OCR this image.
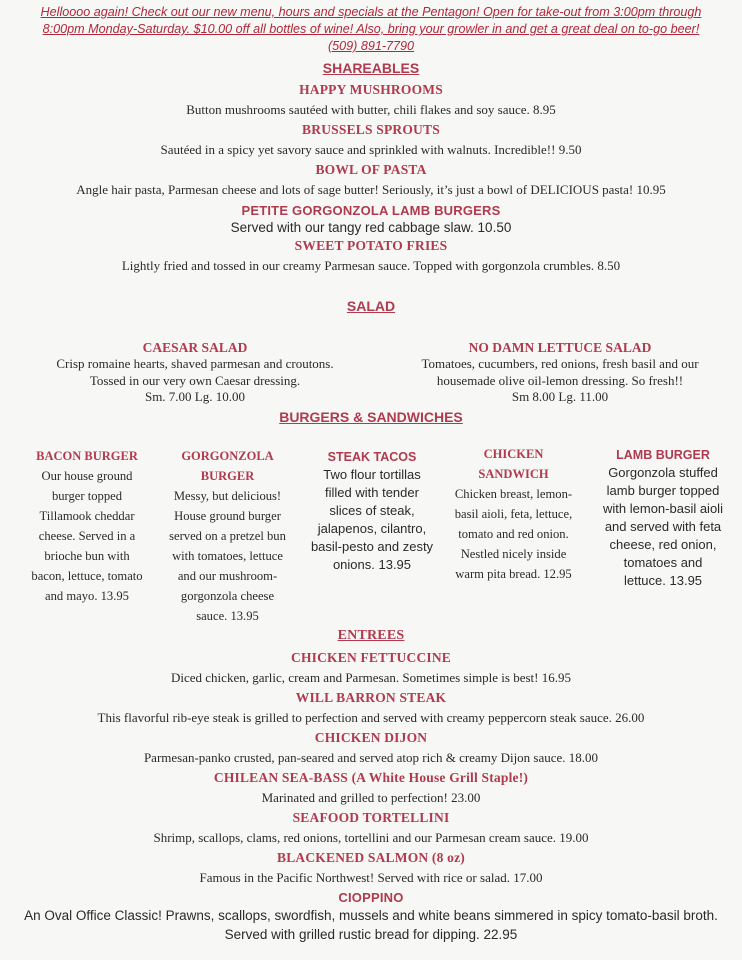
Helloooo again! Check out our new menu, hours and specials at the Pentagon! Open for take-out from 3:00pm through
8:00pm Monday-Saturday. $10.00 off all bottles of wine! Also, bring your growler in and get a great deal on to-go beer!
(509) 891-7790
SHAREABLES
HAPPY MUSHROOMS
Button mushrooms sautéed with butter, chili flakes and soy sauce. 8.95
BRUSSELS SPROUTS
Sautéed in a spicy yet savory sauce and sprinkled with walnuts. Incredible!! 9.50
BOWL OF PASTA
Angle hair pasta, Parmesan cheese and lots of sage butter! Seriously, it’s just a bowl of DELICIOUS pasta! 10.95
PETITE GORGONZOLA LAMB BURGERS
Served with our tangy red cabbage slaw. 10.50
SWEET POTATO FRIES
Lightly fried and tossed in our creamy Parmesan sauce. Topped with gorgonzola crumbles. 8.50
SALAD
CAESAR SALAD
Crisp romaine hearts, shaved parmesan and croutons.
Tossed in our very own Caesar dressing.
Sm. 7.00 Lg. 10.00
NO DAMN LETTUCE SALAD
Tomatoes, cucumbers, red onions, fresh basil and our
housemade olive oil-lemon dressing. So fresh!!
Sm 8.00 Lg. 11.00
BURGERS & SANDWICHES
BACON BURGER
Our house ground
burger topped
Tillamook cheddar
cheese. Served in a
brioche bun with
bacon, lettuce, tomato
and mayo. 13.95
GORGONZOLA
BURGER
Messy, but delicious!
House ground burger
served on a pretzel bun
with tomatoes, lettuce
and our mushroom-
gorgonzola cheese
sauce. 13.95
STEAK TACOS
Two flour tortillas
filled with tender
slices of steak,
jalapenos, cilantro,
basil-pesto and zesty
onions. 13.95
CHICKEN
SANDWICH
Chicken breast, lemon-
basil aioli, feta, lettuce,
tomato and red onion.
Nestled nicely inside
warm pita bread. 12.95
LAMB BURGER
Gorgonzola stuffed
lamb burger topped
with lemon-basil aioli
and served with feta
cheese, red onion,
tomatoes and
lettuce. 13.95
ENTREES
CHICKEN FETTUCCINE
Diced chicken, garlic, cream and Parmesan. Sometimes simple is best! 16.95
WILL BARRON STEAK
This flavorful rib-eye steak is grilled to perfection and served with creamy peppercorn steak sauce. 26.00
CHICKEN DIJON
Parmesan-panko crusted, pan-seared and served atop rich & creamy Dijon sauce. 18.00
CHILEAN SEA-BASS (A White House Grill Staple!)
Marinated and grilled to perfection! 23.00
SEAFOOD TORTELLINI
Shrimp, scallops, clams, red onions, tortellini and our Parmesan cream sauce. 19.00
BLACKENED SALMON (8 oz)
Famous in the Pacific Northwest! Served with rice or salad. 17.00
CIOPPINO
An Oval Office Classic! Prawns, scallops, swordfish, mussels and white beans simmered in spicy tomato-basil broth.
Served with grilled rustic bread for dipping. 22.95
